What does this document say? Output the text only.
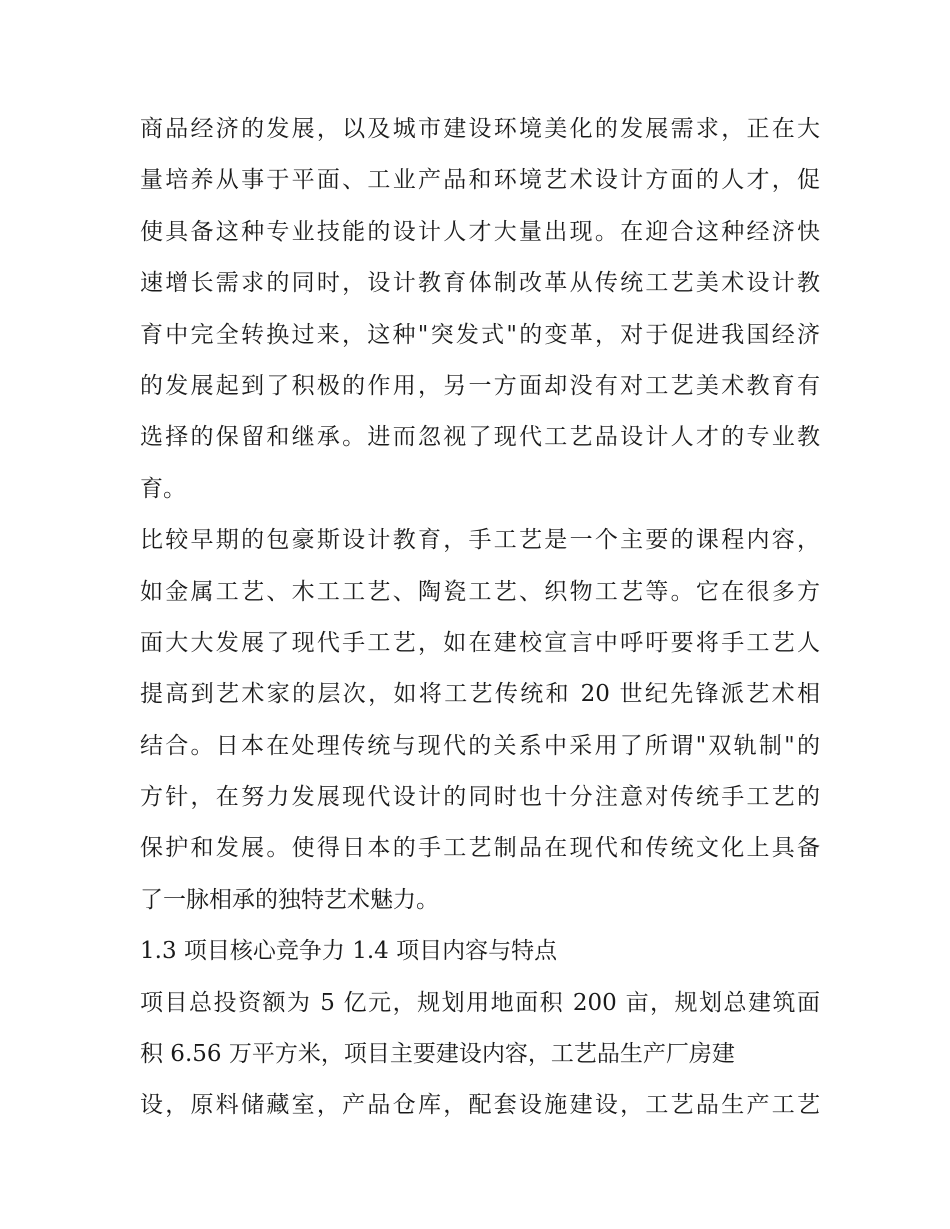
商品经济的发展，以及城市建设环境美化的发展需求，正在大
量培养从事于平面、工业产品和环境艺术设计方面的人才，促
使具备这种专业技能的设计人才大量出现。在迎合这种经济快
速增长需求的同时，设计教育体制改革从传统工艺美术设计教
育中完全转换过来，这种"突发式"的变革，对于促进我国经济
的发展起到了积极的作用，另一方面却没有对工艺美术教育有
选择的保留和继承。进而忽视了现代工艺品设计人才的专业教
育。
比较早期的包豪斯设计教育，手工艺是一个主要的课程内容，
如金属工艺、木工工艺、陶瓷工艺、织物工艺等。它在很多方
面大大发展了现代手工艺，如在建校宣言中呼吁要将手工艺人
提高到艺术家的层次，如将工艺传统和 20 世纪先锋派艺术相
结合。日本在处理传统与现代的关系中采用了所谓"双轨制"的
方针，在努力发展现代设计的同时也十分注意对传统手工艺的
保护和发展。使得日本的手工艺制品在现代和传统文化上具备
了一脉相承的独特艺术魅力。
1.3 项目核心竞争力 1.4 项目内容与特点
项目总投资额为 5 亿元，规划用地面积 200 亩，规划总建筑面
积 6.56 万平方米，项目主要建设内容，工艺品生产厂房建
设，原料储藏室，产品仓库，配套设施建设，工艺品生产工艺
